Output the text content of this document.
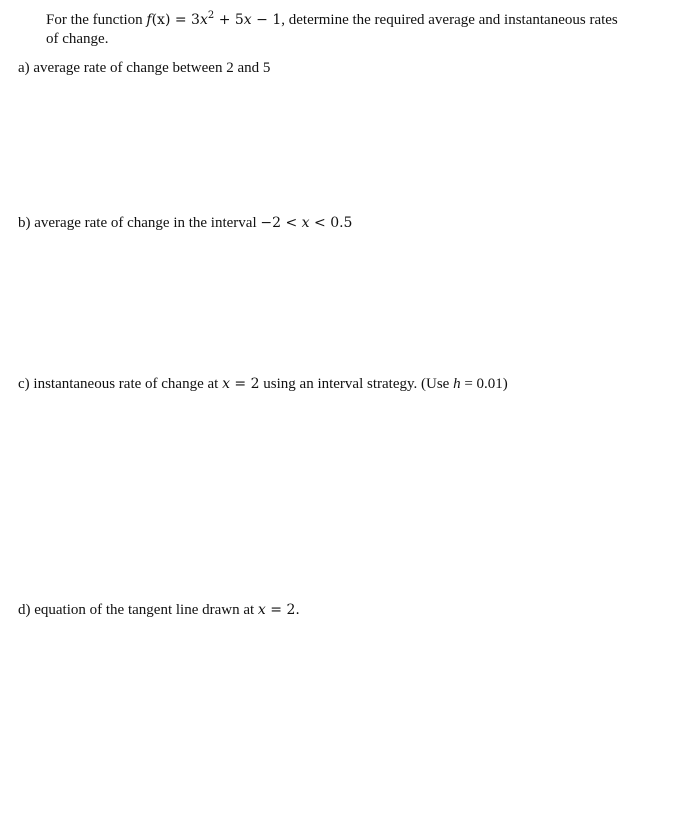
For the function $f(x) = 3x^2 + 5x - 1$, determine the required average and instantaneous rates
of change.
a) average rate of change between 2 and 5
b) average rate of change in the interval −2 < x < 0.5
c) instantaneous rate of change at x = 2 using an interval strategy. (Use h = 0.01)
d) equation of the tangent line drawn at x = 2.
